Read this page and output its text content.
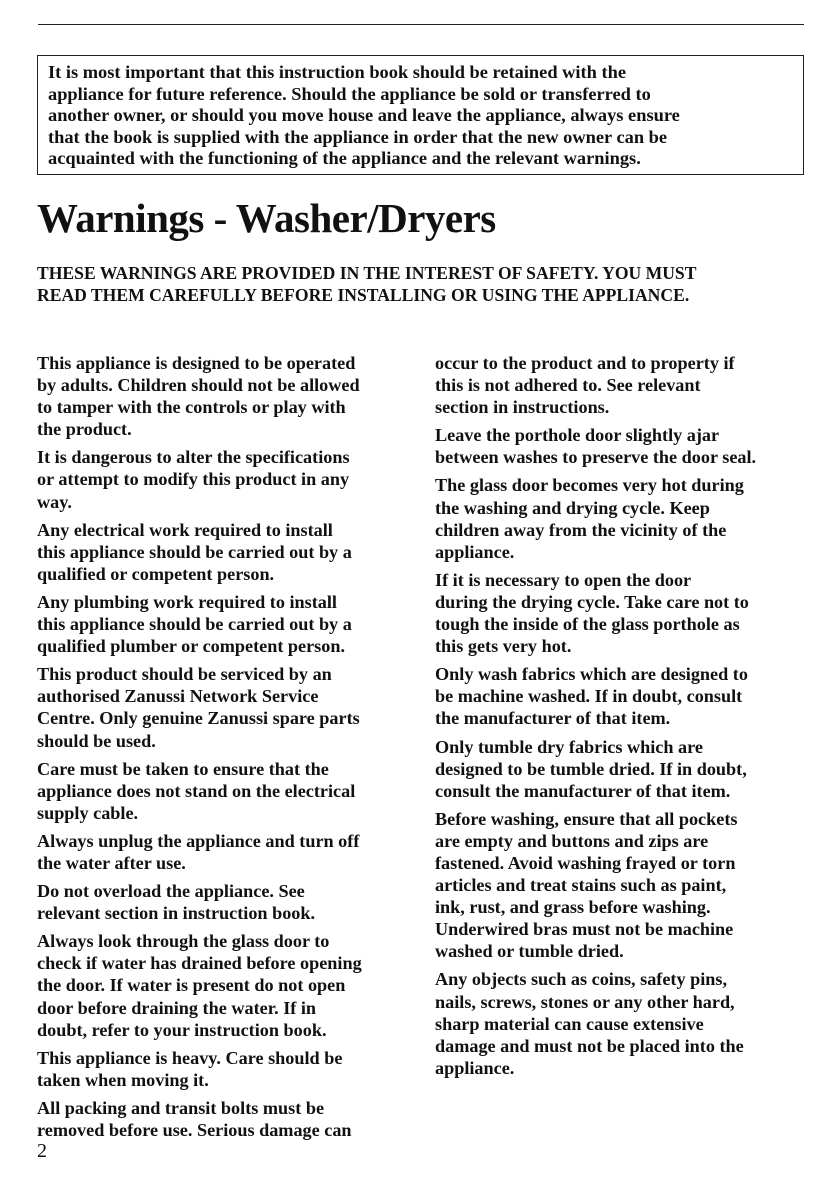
It is most important that this instruction book should be retained with the
appliance for future reference. Should the appliance be sold or transferred to
another owner, or should you move house and leave the appliance, always ensure
that the book is supplied with the appliance in order that the new owner can be
acquainted with the functioning of the appliance and the relevant warnings.

Warnings - Washer/Dryers
THESE WARNINGS ARE PROVIDED IN THE INTEREST OF SAFETY. YOU MUST
READ THEM CAREFULLY BEFORE INSTALLING OR USING THE APPLIANCE.

This appliance is designed to be operated
by adults. Children should not be allowed
to tamper with the controls or play with
the product.

It is dangerous to alter the specifications
or attempt to modify this product in any
way.

Any electrical work required to install
this appliance should be carried out by a
qualified or competent person.

Any plumbing work required to install
this appliance should be carried out by a
qualified plumber or competent person.

This product should be serviced by an
authorised Zanussi Network Service
Centre. Only genuine Zanussi spare parts
should be used.

Care must be taken to ensure that the
appliance does not stand on the electrical
supply cable.

Always unplug the appliance and turn off
the water after use.

Do not overload the appliance. See
relevant section in instruction book.

Always look through the glass door to
check if water has drained before opening
the door. If water is present do not open
door before draining the water. If in
doubt, refer to your instruction book.

This appliance is heavy. Care should be
taken when moving it.

All packing and transit bolts must be
removed before use. Serious damage can

occur to the product and to property if
this is not adhered to. See relevant
section in instructions.

Leave the porthole door slightly ajar
between washes to preserve the door seal.

The glass door becomes very hot during
the washing and drying cycle. Keep
children away from the vicinity of the
appliance.

If it is necessary to open the door
during the drying cycle. Take care not to
tough the inside of the glass porthole as
this gets very hot.

Only wash fabrics which are designed to
be machine washed. If in doubt, consult
the manufacturer of that item.

Only tumble dry fabrics which are
designed to be tumble dried. If in doubt,
consult the manufacturer of that item.

Before washing, ensure that all pockets
are empty and buttons and zips are
fastened. Avoid washing frayed or torn
articles and treat stains such as paint,
ink, rust, and grass before washing.
Underwired bras must not be machine
washed or tumble dried.

Any objects such as coins, safety pins,
nails, screws, stones or any other hard,
sharp material can cause extensive
damage and must not be placed into the
appliance.

2
